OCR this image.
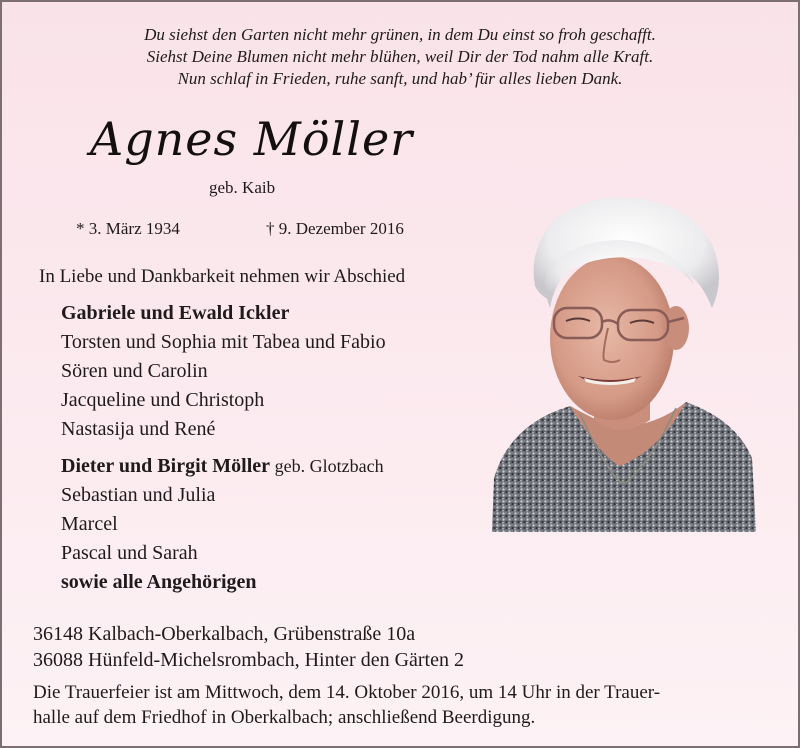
Du siehst den Garten nicht mehr grünen, in dem Du einst so froh geschafft.
Siehst Deine Blumen nicht mehr blühen, weil Dir der Tod nahm alle Kraft.
Nun schlaf in Frieden, ruhe sanft, und hab’ für alles lieben Dank.
Agnes Möller
geb. Kaib
* 3. März 1934	† 9. Dezember 2016
In Liebe und Dankbarkeit nehmen wir Abschied
Gabriele und Ewald Ickler
Torsten und Sophia mit Tabea und Fabio
Sören und Carolin
Jacqueline und Christoph
Nastasija und René
Dieter und Birgit Möller geb. Glotzbach
Sebastian und Julia
Marcel
Pascal und Sarah
sowie alle Angehörigen
36148 Kalbach-Oberkalbach, Grübenstraße 10a
36088 Hünfeld-Michelsrombach, Hinter den Gärten 2
Die Trauerfeier ist am Mittwoch, dem 14. Oktober 2016, um 14 Uhr in der Trauer-
halle auf dem Friedhof in Oberkalbach; anschließend Beerdigung.
